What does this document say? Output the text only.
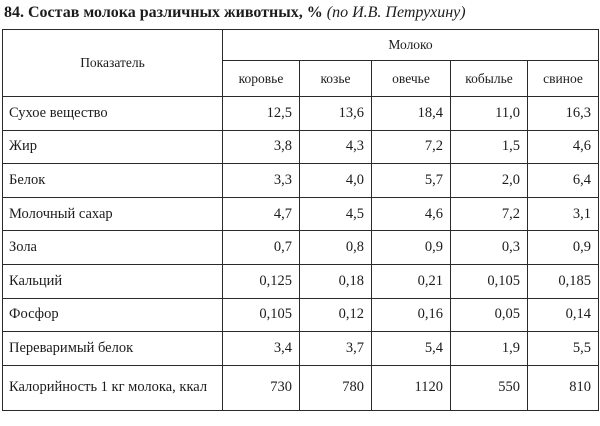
84. Состав молока различных животных, % (по И.В. Петрухину)
Показатель	Молоко				
	коровье	козье	овечье	кобылье	свиное
Сухое вещество	12,5	13,6	18,4	11,0	16,3
Жир	3,8	4,3	7,2	1,5	4,6
Белок	3,3	4,0	5,7	2,0	6,4
Молочный сахар	4,7	4,5	4,6	7,2	3,1
Зола	0,7	0,8	0,9	0,3	0,9
Кальций	0,125	0,18	0,21	0,105	0,185
Фосфор	0,105	0,12	0,16	0,05	0,14
Переваримый белок	3,4	3,7	5,4	1,9	5,5
Калорийность 1 кг молока, ккал	730	780	1120	550	810
